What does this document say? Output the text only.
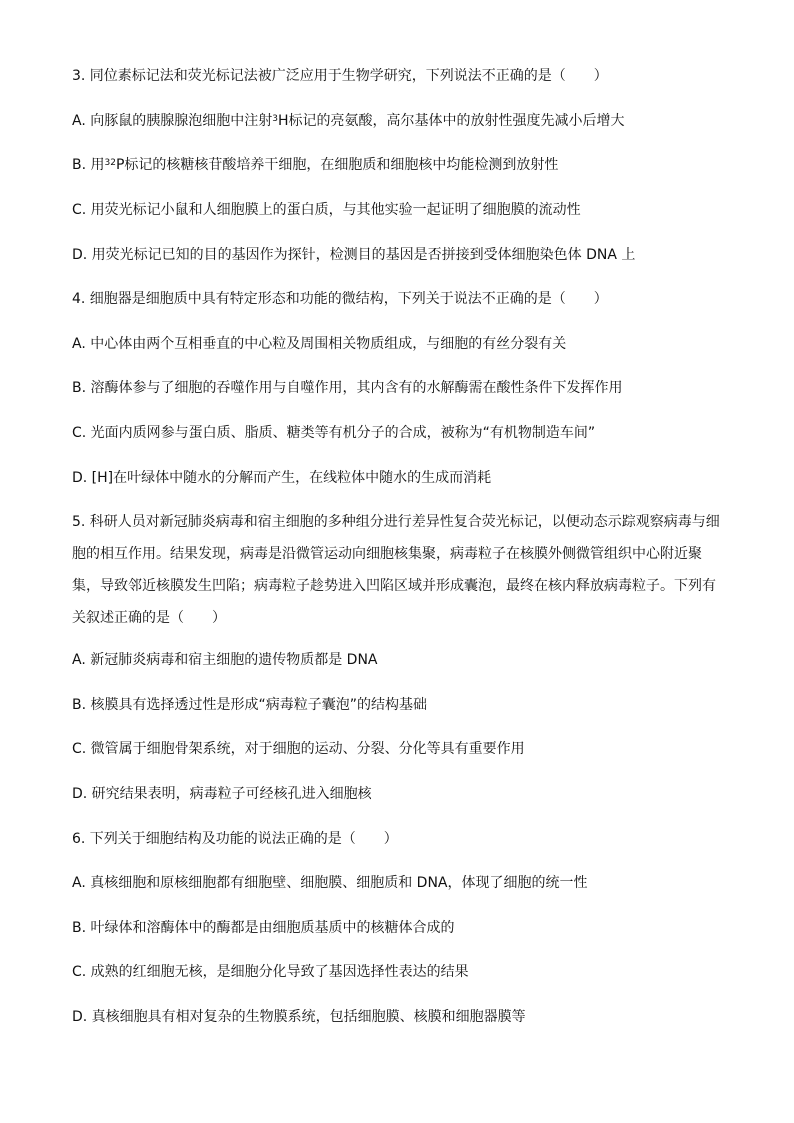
3. 同位素标记法和荧光标记法被广泛应用于生物学研究，下列说法不正确的是（　　）
A. 向豚鼠的胰腺腺泡细胞中注射$^3$H标记的亮氨酸，高尔基体中的放射性强度先减小后增大
B. 用$^{32}$P标记的核糖核苷酸培养干细胞，在细胞质和细胞核中均能检测到放射性
C. 用荧光标记小鼠和人细胞膜上的蛋白质，与其他实验一起证明了细胞膜的流动性
D. 用荧光标记已知的目的基因作为探针，检测目的基因是否拼接到受体细胞染色体 DNA 上
4. 细胞器是细胞质中具有特定形态和功能的微结构，下列关于说法不正确的是（　　）
A. 中心体由两个互相垂直的中心粒及周围相关物质组成，与细胞的有丝分裂有关
B. 溶酶体参与了细胞的吞噬作用与自噬作用，其内含有的水解酶需在酸性条件下发挥作用
C. 光面内质网参与蛋白质、脂质、糖类等有机分子的合成，被称为“有机物制造车间”
D. [H]在叶绿体中随水的分解而产生，在线粒体中随水的生成而消耗
5. 科研人员对新冠肺炎病毒和宿主细胞的多种组分进行差异性复合荧光标记，以便动态示踪观察病毒与细胞的相互作用。结果发现，病毒是沿微管运动向细胞核集聚，病毒粒子在核膜外侧微管组织中心附近聚集，导致邻近核膜发生凹陷；病毒粒子趁势进入凹陷区域并形成囊泡，最终在核内释放病毒粒子。下列有关叙述正确的是（　　）
A. 新冠肺炎病毒和宿主细胞的遗传物质都是 DNA
B. 核膜具有选择透过性是形成“病毒粒子囊泡”的结构基础
C. 微管属于细胞骨架系统，对于细胞的运动、分裂、分化等具有重要作用
D. 研究结果表明，病毒粒子可经核孔进入细胞核
6. 下列关于细胞结构及功能的说法正确的是（　　）
A. 真核细胞和原核细胞都有细胞壁、细胞膜、细胞质和 DNA，体现了细胞的统一性
B. 叶绿体和溶酶体中的酶都是由细胞质基质中的核糖体合成的
C. 成熟的红细胞无核，是细胞分化导致了基因选择性表达的结果
D. 真核细胞具有相对复杂的生物膜系统，包括细胞膜、核膜和细胞器膜等
